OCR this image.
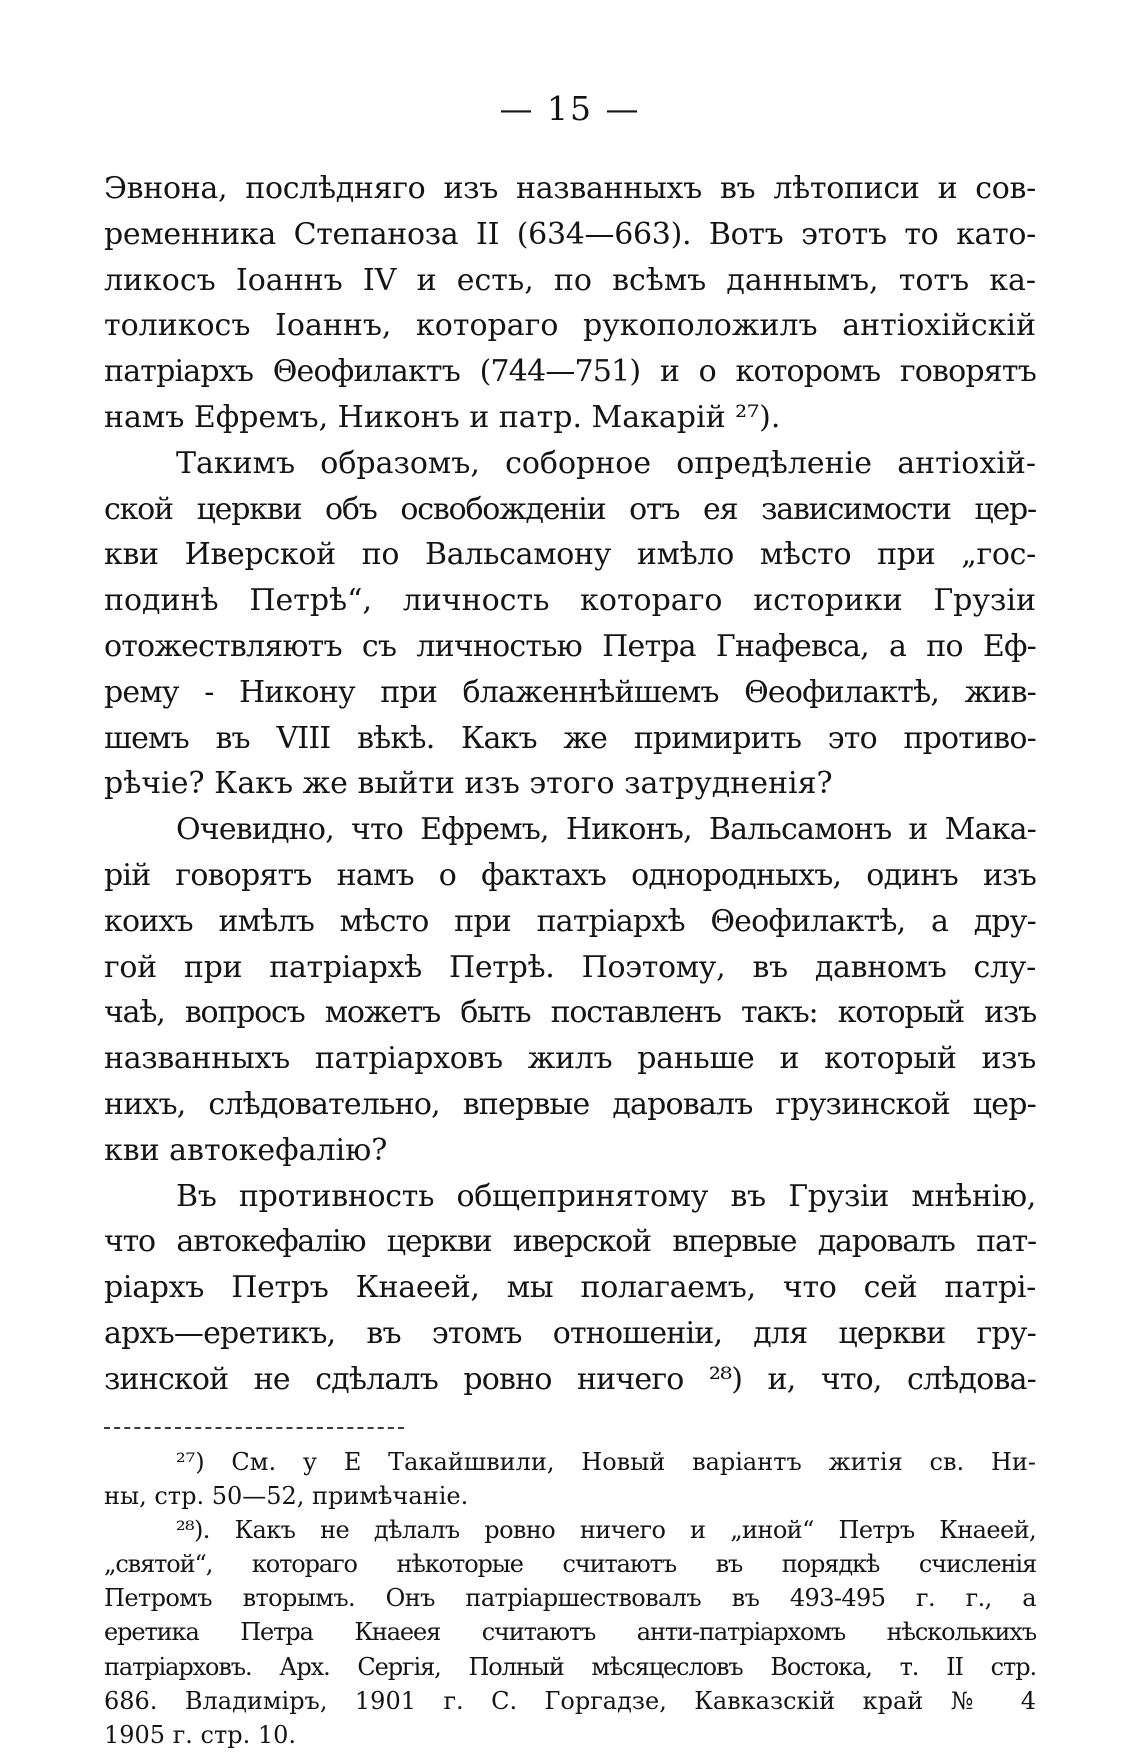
— 15 —
Эвнона, послѣдняго изъ названныхъ въ лѣтописи и сов-
ременника Степаноза II (634—663). Вотъ этотъ то като-
ликосъ Іоаннъ IV и есть, по всѣмъ даннымъ, тотъ ка-
толикосъ Іоаннъ, котораго рукоположилъ антіохійскій
патріархъ Θеофилактъ (744—751) и о которомъ говорятъ
намъ Ефремъ, Никонъ и патр. Макарій ²⁷).
Такимъ образомъ, соборное опредѣленіе антіохій-
ской церкви объ освобожденіи отъ ея зависимости цер-
кви Иверской по Вальсамону имѣло мѣсто при „гос-
подинѣ Петрѣ“, личность котораго историки Грузіи
отожествляютъ съ личностью Петра Гнафевса, а по Еф-
рему - Никону при блаженнѣйшемъ Θеофилактѣ, жив-
шемъ въ VIII вѣкѣ. Какъ же примирить это противо-
рѣчіе? Какъ же выйти изъ этого затрудненія?
Очевидно, что Ефремъ, Никонъ, Вальсамонъ и Мака-
рій говорятъ намъ о фактахъ однородныхъ, одинъ изъ
коихъ имѣлъ мѣсто при патріархѣ Θеофилактѣ, а дру-
гой при патріархѣ Петрѣ. Поэтому, въ давномъ слу-
чаѣ, вопросъ можетъ быть поставленъ такъ: который изъ
названныхъ патріарховъ жилъ раньше и который изъ
нихъ, слѣдовательно, впервые даровалъ грузинской цер-
кви автокефалію?
Въ противность общепринятому въ Грузіи мнѣнію,
что автокефалію церкви иверской впервые даровалъ пат-
ріархъ Петръ Кнаеей, мы полагаемъ, что сей патрі-
архъ—еретикъ, въ этомъ отношеніи, для церкви гру-
зинской не сдѣлалъ ровно ничего ²⁸) и, что, слѣдова-
²⁷) См. у Е Такайшвили, Новый варіантъ житія св. Ни-
ны, стр. 50—52, примѣчаніе.
²⁸). Какъ не дѣлалъ ровно ничего и „иной“ Петръ Кнаеей,
„святой“, котораго нѣкоторые считаютъ въ порядкѣ счисленія
Петромъ вторымъ. Онъ патріаршествовалъ въ 493-495 г. г., а
еретика Петра Кнаеея считаютъ анти-патріархомъ нѣсколькихъ
патріарховъ. Арх. Сергія, Полный мѣсяцесловъ Востока, т. II стр.
686. Владиміръ, 1901 г. С. Горгадзе, Кавказскій край № 4
1905 г. стр. 10.
